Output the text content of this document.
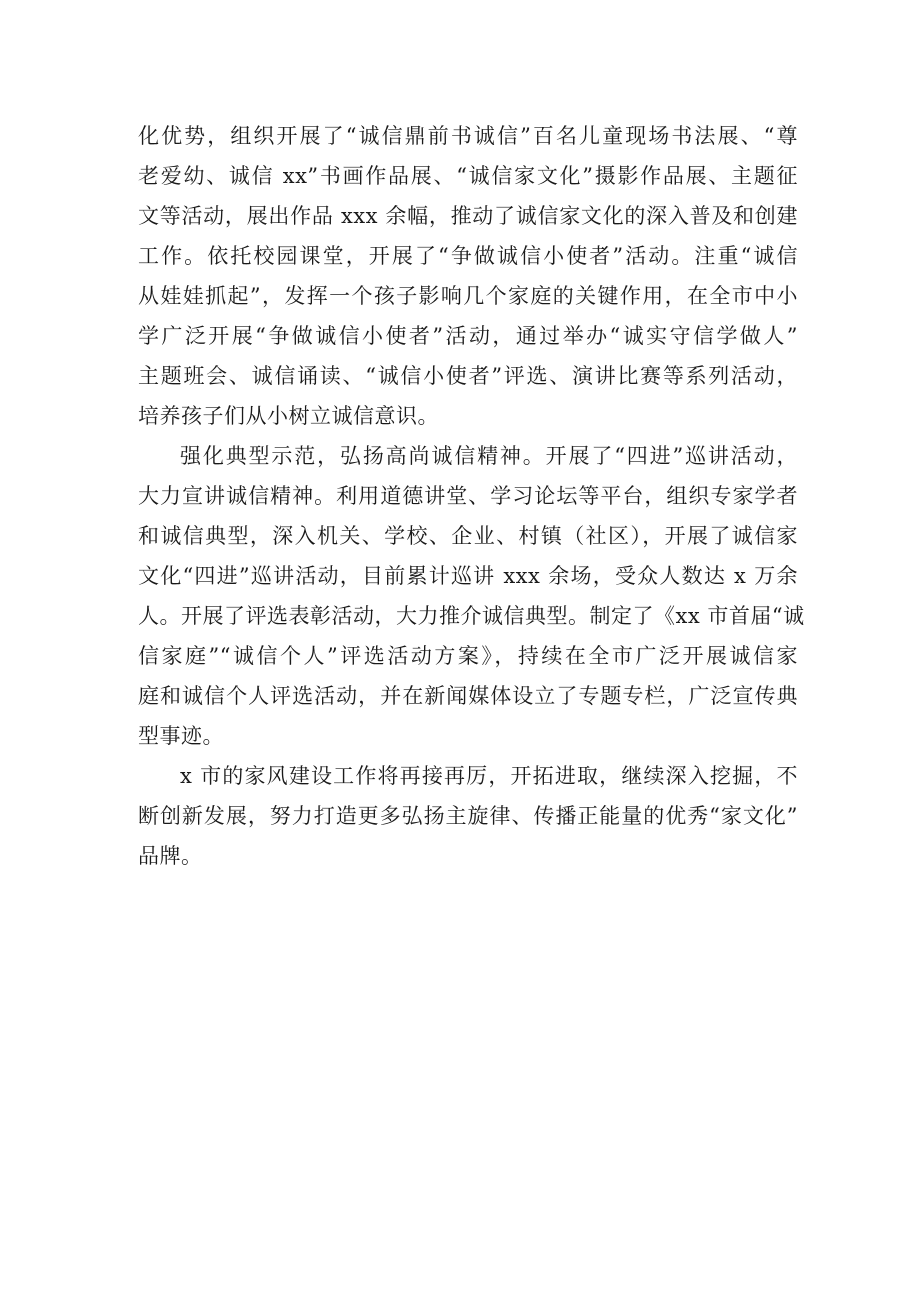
化优势，组织开展了“诚信鼎前书诚信”百名儿童现场书法展、“尊
老爱幼、诚信 xx”书画作品展、“诚信家文化”摄影作品展、主题征
文等活动，展出作品 xxx 余幅，推动了诚信家文化的深入普及和创建
工作。依托校园课堂，开展了“争做诚信小使者”活动。注重“诚信
从娃娃抓起”，发挥一个孩子影响几个家庭的关键作用，在全市中小
学广泛开展“争做诚信小使者”活动，通过举办“诚实守信学做人”
主题班会、诚信诵读、“诚信小使者”评选、演讲比赛等系列活动，
培养孩子们从小树立诚信意识。
强化典型示范，弘扬高尚诚信精神。开展了“四进”巡讲活动，
大力宣讲诚信精神。利用道德讲堂、学习论坛等平台，组织专家学者
和诚信典型，深入机关、学校、企业、村镇（社区），开展了诚信家
文化“四进”巡讲活动，目前累计巡讲 xxx 余场，受众人数达 x 万余
人。开展了评选表彰活动，大力推介诚信典型。制定了《xx 市首届“诚
信家庭”“诚信个人”评选活动方案》，持续在全市广泛开展诚信家
庭和诚信个人评选活动，并在新闻媒体设立了专题专栏，广泛宣传典
型事迹。
x 市的家风建设工作将再接再厉，开拓进取，继续深入挖掘，不
断创新发展，努力打造更多弘扬主旋律、传播正能量的优秀“家文化”
品牌。
